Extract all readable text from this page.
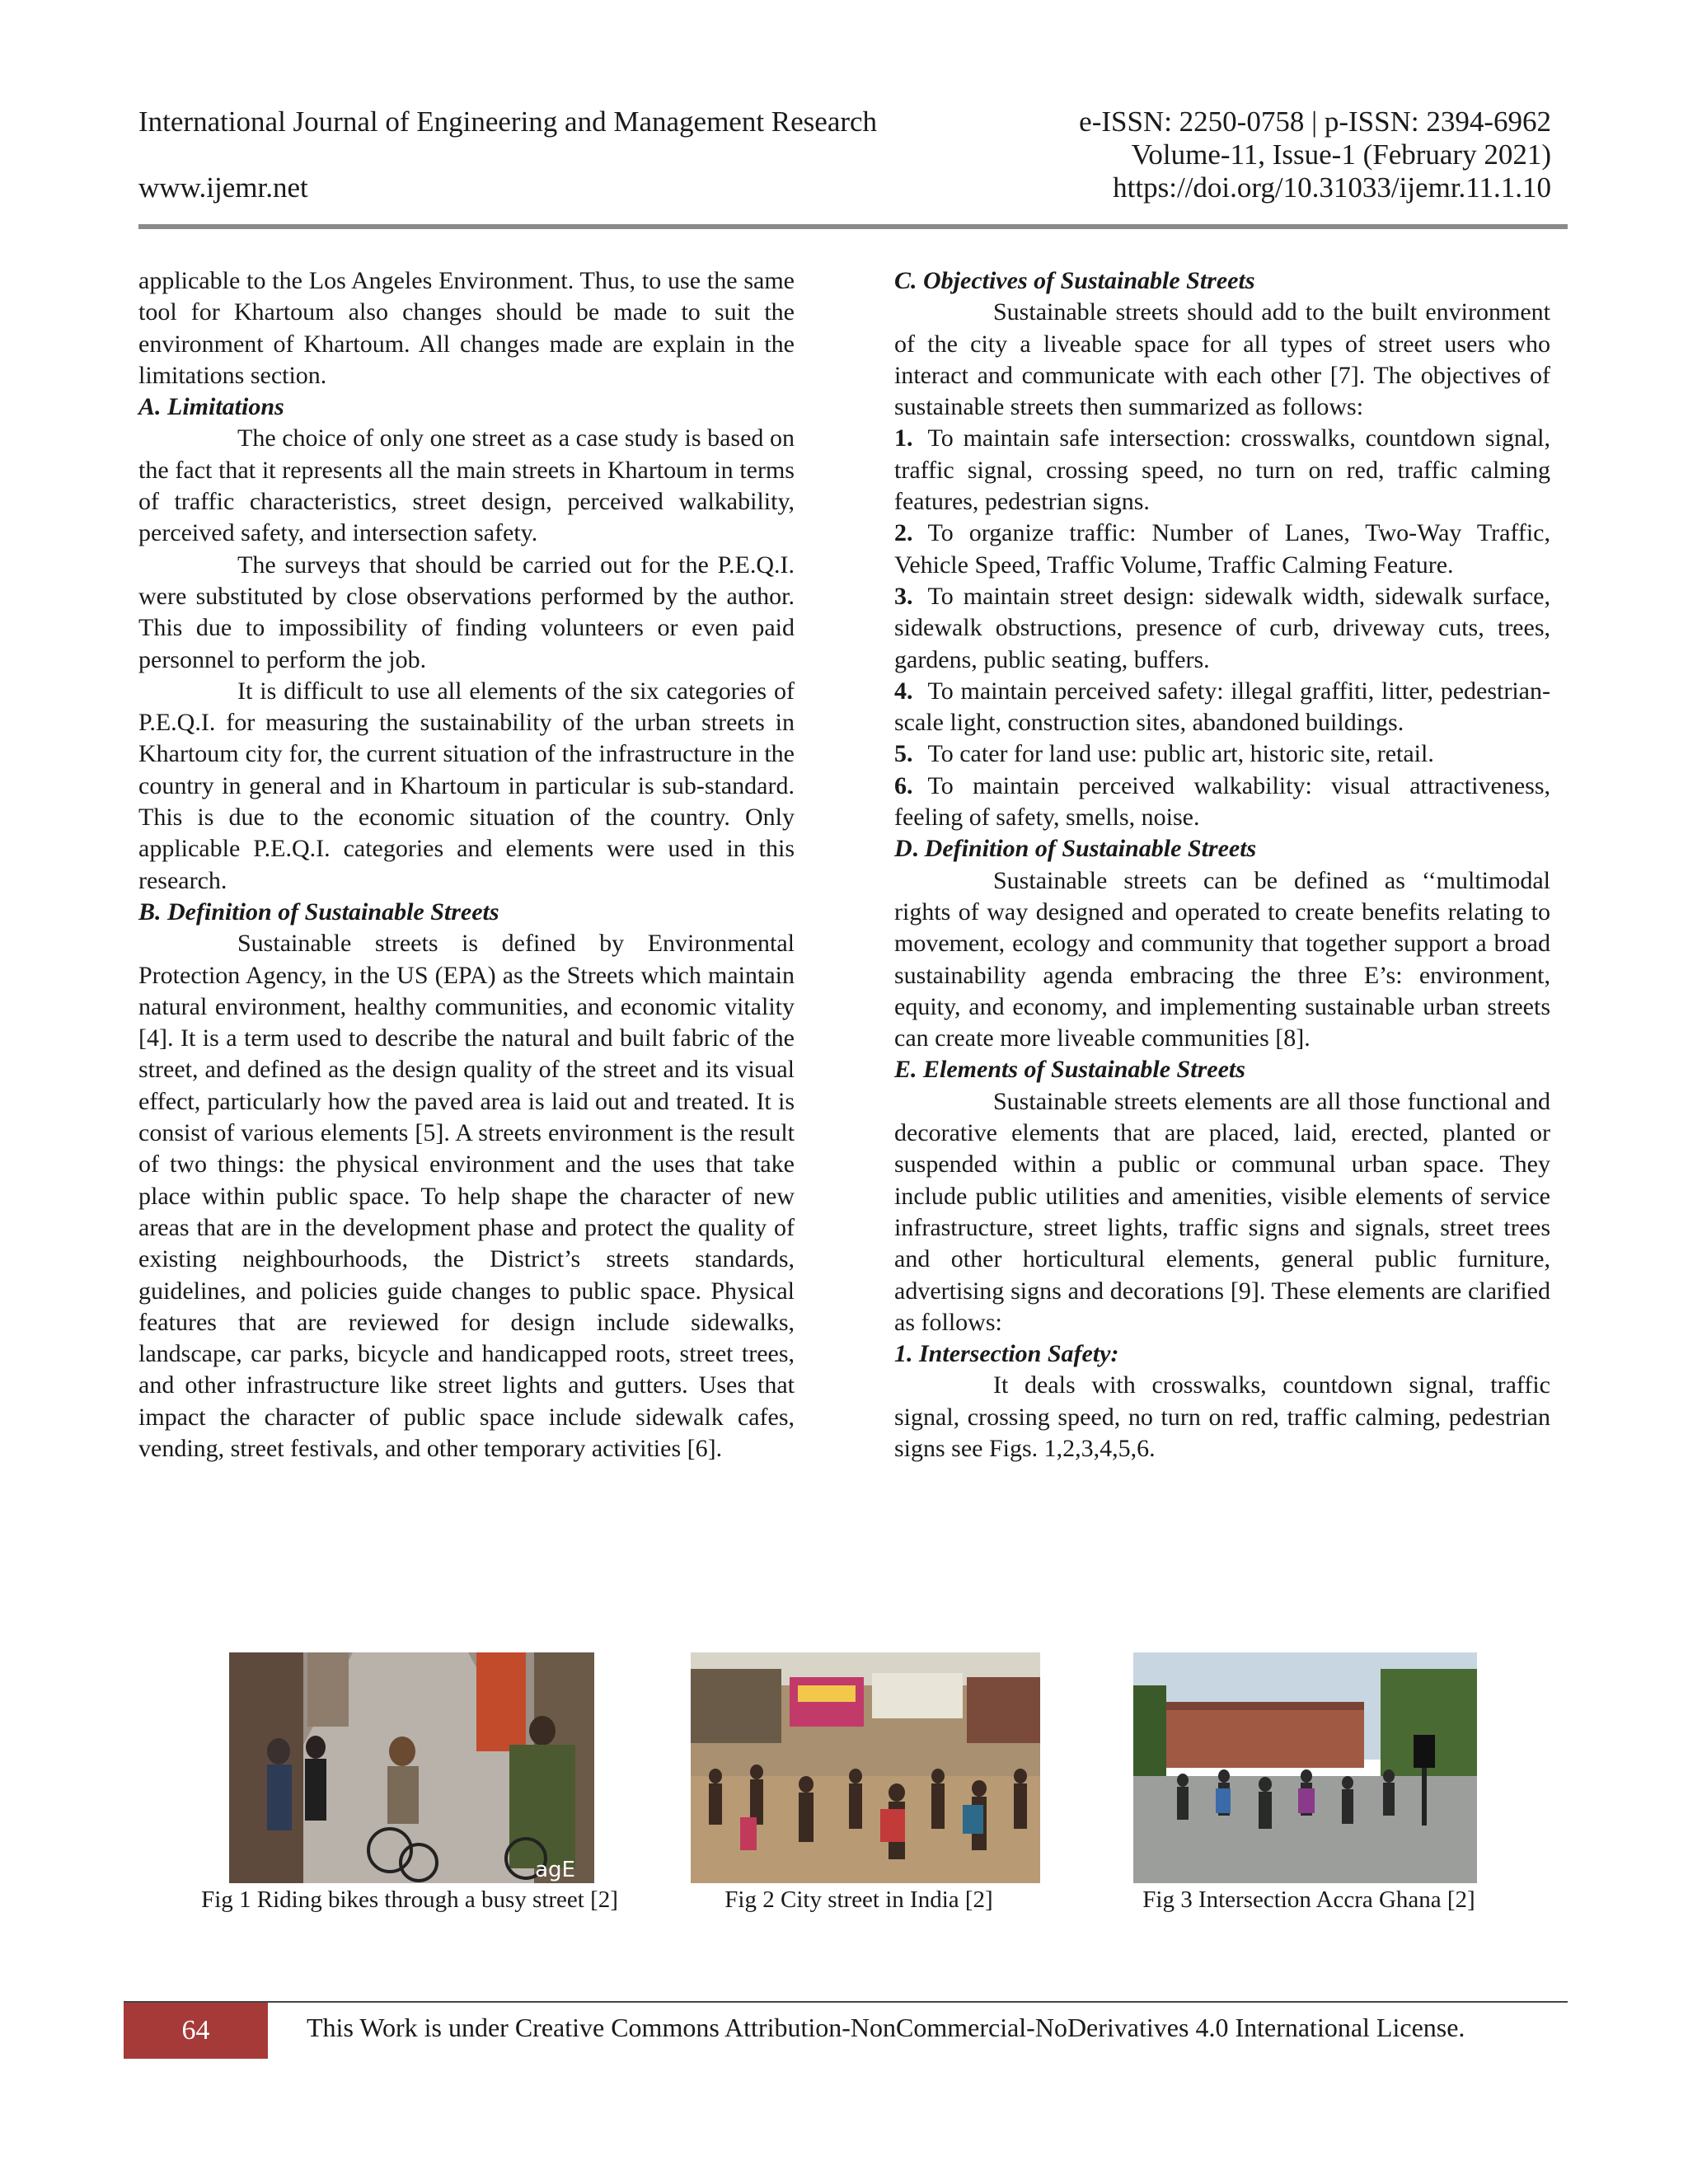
International Journal of Engineering and Management Research	e-ISSN: 2250-0758 | p-ISSN: 2394-6962
Volume-11, Issue-1 (February 2021)
www.ijemr.net	https://doi.org/10.31033/ijemr.11.1.10

applicable to the Los Angeles Environment. Thus, to use the same tool for Khartoum also changes should be made to suit the environment of Khartoum. All changes made are explain in the limitations section.

A. Limitations

The choice of only one street as a case study is based on the fact that it represents all the main streets in Khartoum in terms of traffic characteristics, street design, perceived walkability, perceived safety, and intersection safety.

The surveys that should be carried out for the P.E.Q.I. were substituted by close observations performed by the author. This due to impossibility of finding volunteers or even paid personnel to perform the job.

It is difficult to use all elements of the six categories of P.E.Q.I. for measuring the sustainability of the urban streets in Khartoum city for, the current situation of the infrastructure in the country in general and in Khartoum in particular is sub-standard. This is due to the economic situation of the country. Only applicable P.E.Q.I. categories and elements were used in this research.

B. Definition of Sustainable Streets

Sustainable streets is defined by Environmental Protection Agency, in the US (EPA) as the Streets which maintain natural environment, healthy communities, and economic vitality [4]. It is a term used to describe the natural and built fabric of the street, and defined as the design quality of the street and its visual effect, particularly how the paved area is laid out and treated. It is consist of various elements [5]. A streets environment is the result of two things: the physical environment and the uses that take place within public space. To help shape the character of new areas that are in the development phase and protect the quality of existing neighbourhoods, the District’s streets standards, guidelines, and policies guide changes to public space. Physical features that are reviewed for design include sidewalks, landscape, car parks, bicycle and handicapped roots, street trees, and other infrastructure like street lights and gutters. Uses that impact the character of public space include sidewalk cafes, vending, street festivals, and other temporary activities [6].

C. Objectives of Sustainable Streets

Sustainable streets should add to the built environment of the city a liveable space for all types of street users who interact and communicate with each other [7]. The objectives of sustainable streets then summarized as follows:

1. To maintain safe intersection: crosswalks, countdown signal, traffic signal, crossing speed, no turn on red, traffic calming features, pedestrian signs.

2. To organize traffic: Number of Lanes, Two-Way Traffic, Vehicle Speed, Traffic Volume, Traffic Calming Feature.

3. To maintain street design: sidewalk width, sidewalk surface, sidewalk obstructions, presence of curb, driveway cuts, trees, gardens, public seating, buffers.

4. To maintain perceived safety: illegal graffiti, litter, pedestrian-scale light, construction sites, abandoned buildings.

5. To cater for land use: public art, historic site, retail.

6. To maintain perceived walkability: visual attractiveness, feeling of safety, smells, noise.

D. Definition of Sustainable Streets

Sustainable streets can be defined as ‘‘multimodal rights of way designed and operated to create benefits relating to movement, ecology and community that together support a broad sustainability agenda embracing the three E’s: environment, equity, and economy, and implementing sustainable urban streets can create more liveable communities [8].

E. Elements of Sustainable Streets

Sustainable streets elements are all those functional and decorative elements that are placed, laid, erected, planted or suspended within a public or communal urban space. They include public utilities and amenities, visible elements of service infrastructure, street lights, traffic signs and signals, street trees and other horticultural elements, general public furniture, advertising signs and decorations [9]. These elements are clarified as follows:

1. Intersection Safety:

It deals with crosswalks, countdown signal, traffic signal, crossing speed, no turn on red, traffic calming, pedestrian signs see Figs. 1,2,3,4,5,6.

agE
Fig 1 Riding bikes through a busy street [2]	Fig 2 City street in India [2]	Fig 3 Intersection Accra Ghana [2]
64	This Work is under Creative Commons Attribution-NonCommercial-NoDerivatives 4.0 International License.
